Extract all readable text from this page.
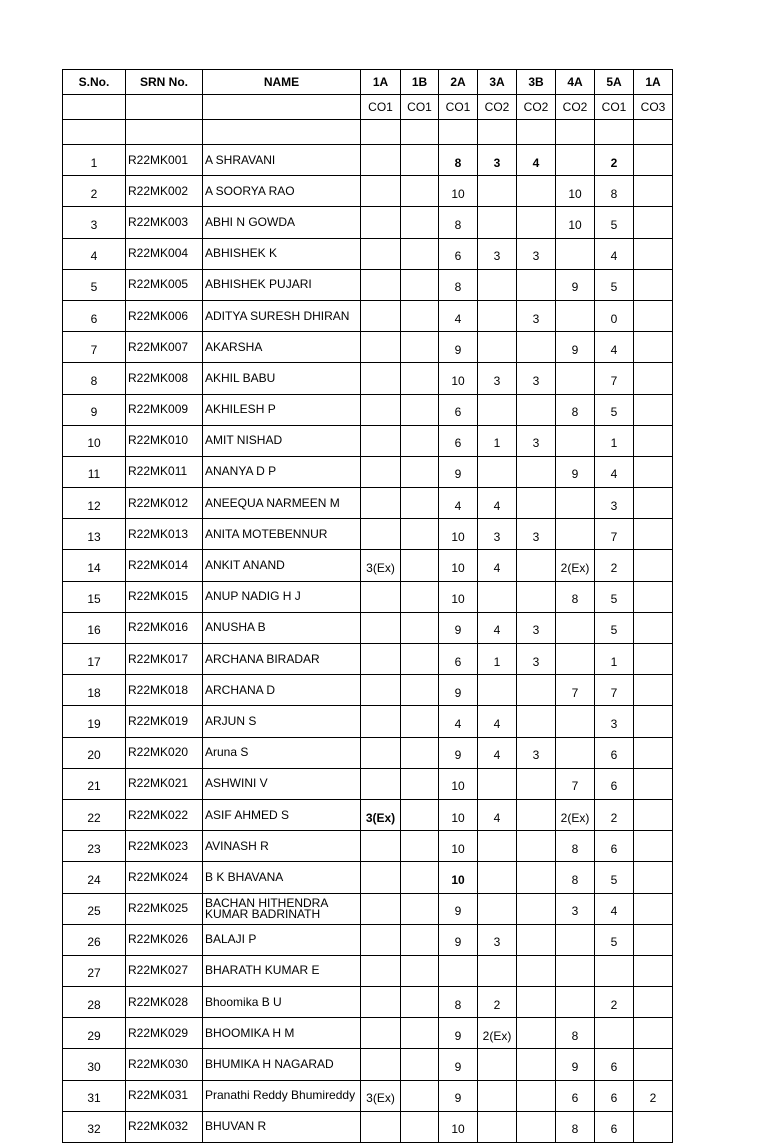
S.No.	SRN No.	NAME	1A	1B	2A	3A	3B	4A	5A	1A
			CO1	CO1	CO1	CO2	CO2	CO2	CO1	CO3

1	R22MK001	A SHRAVANI			8	3	4		2	
2	R22MK002	A SOORYA RAO			10			10	8	
3	R22MK003	ABHI N GOWDA			8			10	5	
4	R22MK004	ABHISHEK K			6	3	3		4	
5	R22MK005	ABHISHEK PUJARI			8			9	5	
6	R22MK006	ADITYA SURESH DHIRAN			4		3		0	
7	R22MK007	AKARSHA			9			9	4	
8	R22MK008	AKHIL BABU			10	3	3		7	
9	R22MK009	AKHILESH P			6			8	5	
10	R22MK010	AMIT NISHAD			6	1	3		1	
11	R22MK011	ANANYA D P			9			9	4	
12	R22MK012	ANEEQUA NARMEEN M			4	4			3	
13	R22MK013	ANITA MOTEBENNUR			10	3	3		7	
14	R22MK014	ANKIT ANAND	3(Ex)		10	4		2(Ex)	2	
15	R22MK015	ANUP NADIG H J			10			8	5	
16	R22MK016	ANUSHA B			9	4	3		5	
17	R22MK017	ARCHANA BIRADAR			6	1	3		1	
18	R22MK018	ARCHANA D			9			7	7	
19	R22MK019	ARJUN S			4	4			3	
20	R22MK020	Aruna S			9	4	3		6	
21	R22MK021	ASHWINI V			10			7	6	
22	R22MK022	ASIF AHMED S	3(Ex)		10	4		2(Ex)	2	
23	R22MK023	AVINASH R			10			8	6	
24	R22MK024	B K BHAVANA			10			8	5	
25	R22MK025	BACHAN HITHENDRA KUMAR BADRINATH			9			3	4	
26	R22MK026	BALAJI P			9	3			5	
27	R22MK027	BHARATH KUMAR E								
28	R22MK028	Bhoomika B U			8	2			2	
29	R22MK029	BHOOMIKA H M			9	2(Ex)		8		
30	R22MK030	BHUMIKA H NAGARAD			9			9	6	
31	R22MK031	Pranathi Reddy Bhumireddy	3(Ex)		9			6	6	2
32	R22MK032	BHUVAN R			10			8	6	
